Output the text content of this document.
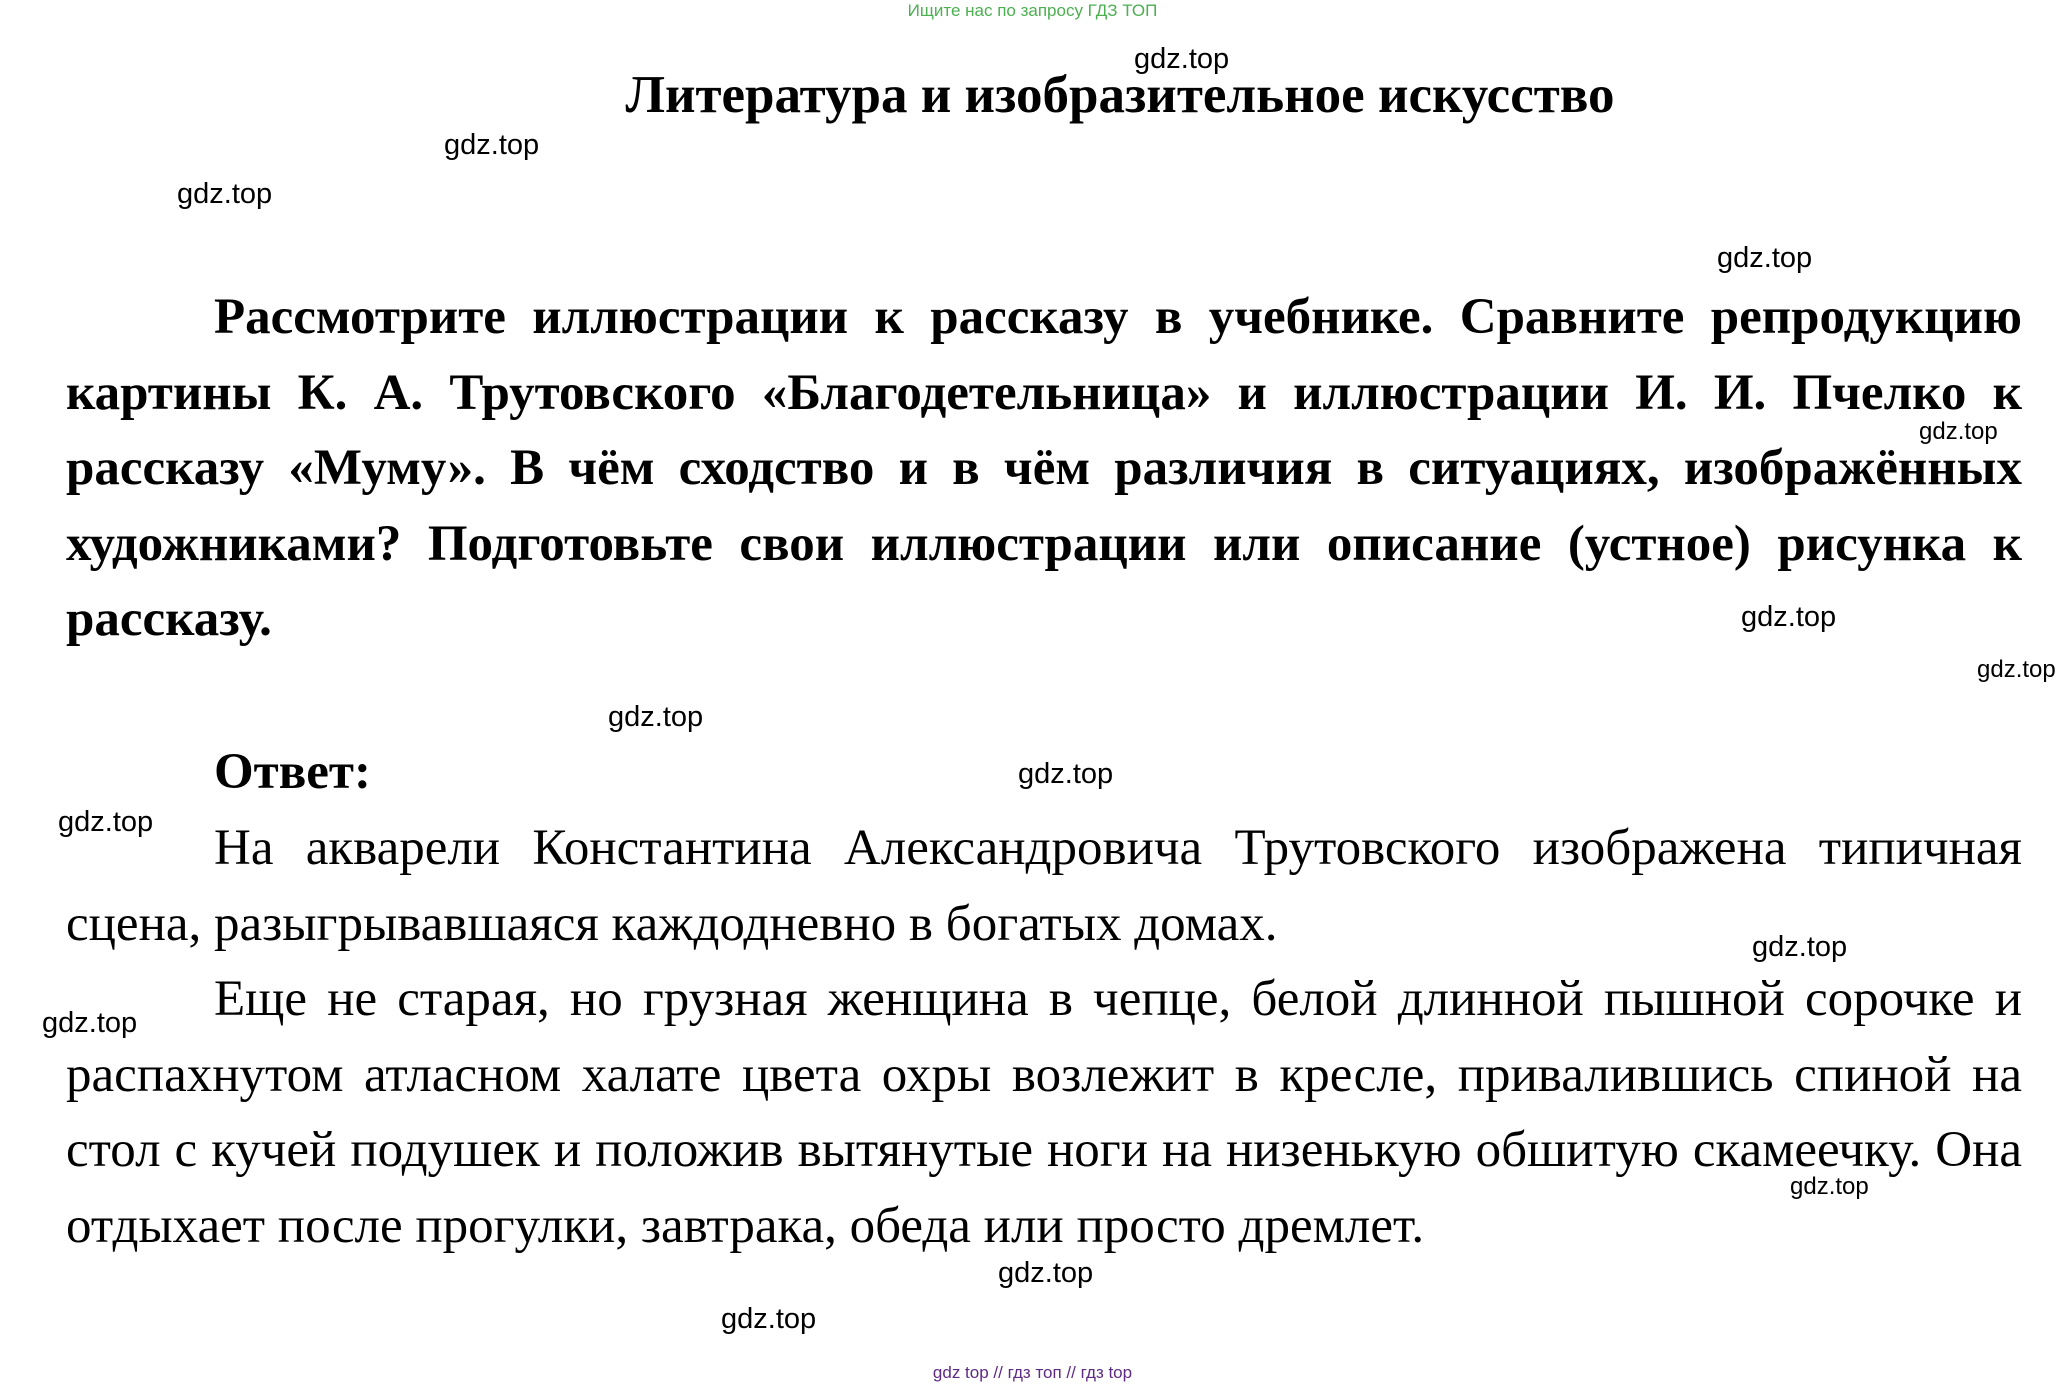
Ищите нас по запросу ГДЗ ТОП
Литература и изобразительное искусство

Рассмотрите иллюстрации к рассказу в учебнике. Сравните репродукцию картины К. А. Трутовского «Благодетельница» и иллюстрации И. И. Пчелко к рассказу «Муму». В чём сходство и в чём различия в ситуациях, изображённых художниками? Подготовьте свои иллюстрации или описание (устное) рисунка к рассказу.

Ответ:

На акварели Константина Александровича Трутовского изображена типичная сцена, разыгрывавшаяся каждодневно в богатых домах.

Еще не старая, но грузная женщина в чепце, белой длинной пышной сорочке и распахнутом атласном халате цвета охры возлежит в кресле, привалившись спиной на стол с кучей подушек и положив вытянутые ноги на низенькую обшитую скамеечку. Она отдыхает после прогулки, завтрака, обеда или просто дремлет.

gdz.top
gdz.top
gdz.top
gdz.top
gdz.top
gdz.top
gdz.top
gdz.top
gdz.top
gdz.top
gdz.top
gdz.top
gdz.top
gdz.top
gdz.top
gdz top // гдз топ // гдз top
